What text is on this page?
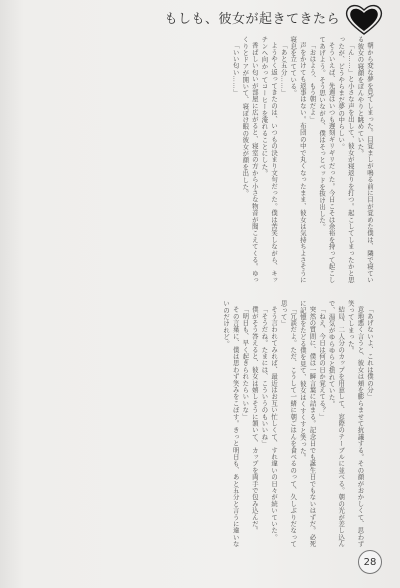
もしも、彼女が起きてきたら

朝から変な夢を見てしまった。目覚ましが鳴る前に目が覚めた僕は、隣で寝ている彼女の寝顔をぼんやりと眺めていた。

「ん……」と小さな声を出して、彼女が寝返りを打つ。起こしてしまったかと思ったが、どうやらまだ夢の中らしい。

そういえば、先週はいつも遅刻ギリギリだった。今日こそは余裕を持って起こしてあげよう。そう思いながら、僕はそっとベッドを抜け出した。

「おはよう、もう朝だよ」

声をかけても返事はない。布団の中で丸くなったまま、彼女は気持ちよさそうに寝息を立てている。

「あと五分……」

ようやく返ってきたのは、いつもの決まり文句だった。僕は苦笑しながら、キッチンへ向かってコーヒーを淹れることにした。

香ばしい匂いが部屋に広がると、寝室の方から小さな物音が聞こえてくる。ゆっくりとドアが開いて、寝ぼけ眼の彼女が顔を出した。

「いい匂い……」

「あげないよ、これは僕の分」

意地悪く言うと、彼女は頬を膨らませて抗議する。その顔がおかしくて、思わず笑ってしまった。

結局、二人分のカップを用意して、窓際のテーブルに並べる。朝の光が差し込んで、湯気がゆらゆらと揺れていた。

「ねえ、今日は何の日か覚えてる？」

突然の質問に、僕は一瞬言葉に詰まる。記念日でも誕生日でもないはずだ。必死に記憶をたどる僕を見て、彼女はくすくすと笑った。

「冗談だよ。ただ、こうして一緒に朝ごはんを食べるのって、久しぶりだなって思って」

そう言われてみれば、最近はお互い忙しくて、すれ違いの日々が続いていた。

「そうだね。たまには、こういうのもいいね」

僕がそう答えると、彼女は嬉しそうに頷いて、カップを両手で包み込んだ。

「明日も、早く起きられたらいいな」

その言葉に、僕は思わず笑みをこぼす。きっと明日も、あと五分と言うに違いないのだけれど。

28
